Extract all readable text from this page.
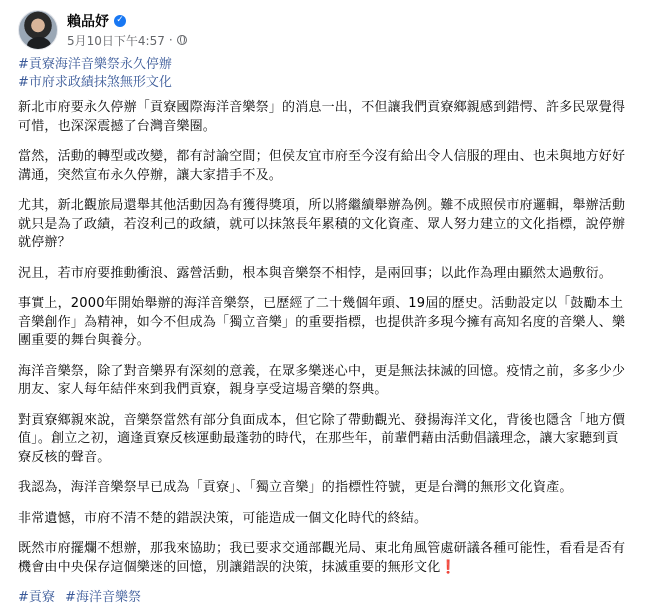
賴品妤 ✓
5月10日下午4:57 ·
#貢寮海洋音樂祭永久停辦
#市府求政績抹煞無形文化

新北市府要永久停辦「貢寮國際海洋音樂祭」的消息一出，不但讓我們貢寮鄉親感到錯愕、許多民眾覺得可惜，也深深震撼了台灣音樂圈。

當然，活動的轉型或改變，都有討論空間；但侯友宜市府至今沒有給出令人信服的理由、也未與地方好好溝通，突然宣布永久停辦，讓大家措手不及。

尤其，新北觀旅局還舉其他活動因為有獲得獎項，所以將繼續舉辦為例。難不成照侯市府邏輯，舉辦活動就只是為了政績，若沒利己的政績，就可以抹煞長年累積的文化資產、眾人努力建立的文化指標，說停辦就停辦？

況且，若市府要推動衝浪、露營活動，根本與音樂祭不相悖，是兩回事；以此作為理由顯然太過敷衍。

事實上，2000年開始舉辦的海洋音樂祭，已歷經了二十幾個年頭、19屆的歷史。活動設定以「鼓勵本土音樂創作」為精神，如今不但成為「獨立音樂」的重要指標，也提供許多現今擁有高知名度的音樂人、樂團重要的舞台與養分。

海洋音樂祭，除了對音樂界有深刻的意義，在眾多樂迷心中，更是無法抹滅的回憶。疫情之前，多多少少朋友、家人每年結伴來到我們貢寮，親身享受這場音樂的祭典。

對貢寮鄉親來說，音樂祭當然有部分負面成本，但它除了帶動觀光、發揚海洋文化，背後也隱含「地方價值」。創立之初，適逢貢寮反核運動最蓬勃的時代，在那些年，前輩們藉由活動倡議理念，讓大家聽到貢寮反核的聲音。

我認為，海洋音樂祭早已成為「貢寮」、「獨立音樂」的指標性符號，更是台灣的無形文化資產。

非常遺憾，市府不清不楚的錯誤決策，可能造成一個文化時代的終結。

既然市府擺爛不想辦，那我來協助；我已要求交通部觀光局、東北角風管處研議各種可能性，看看是否有機會由中央保存這個樂迷的回憶，別讓錯誤的決策，抹滅重要的無形文化❗

#貢寮 #海洋音樂祭
